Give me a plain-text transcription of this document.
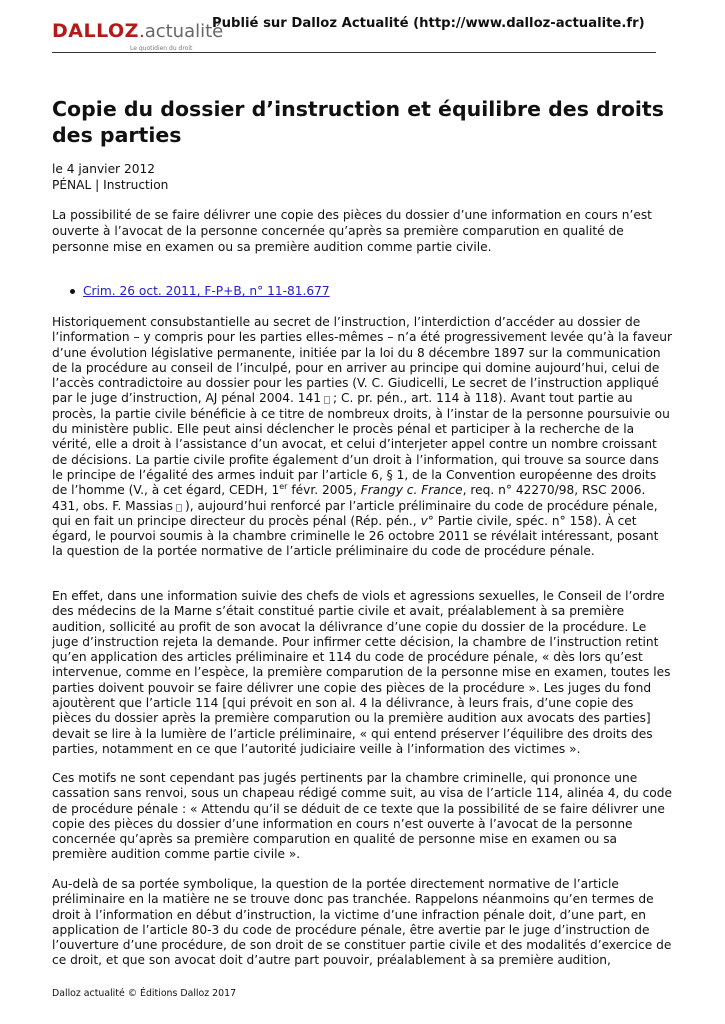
DALLOZ.actualité
Le quotidien du droit
Publié sur Dalloz Actualité (http://www.dalloz-actualite.fr)
Copie du dossier d’instruction et équilibre des droits des parties
le 4 janvier 2012
PÉNAL | Instruction

La possibilité de se faire délivrer une copie des pièces du dossier d’une information en cours n’est ouverte à l’avocat de la personne concernée qu’après sa première comparution en qualité de personne mise en examen ou sa première audition comme partie civile.

Crim. 26 oct. 2011, F-P+B, n° 11-81.677

Historiquement consubstantielle au secret de l’instruction, l’interdiction d’accéder au dossier de l’information – y compris pour les parties elles-mêmes – n’a été progressivement levée qu’à la faveur d’une évolution législative permanente, initiée par la loi du 8 décembre 1897 sur la communication de la procédure au conseil de l’inculpé, pour en arriver au principe qui domine aujourd’hui, celui de l’accès contradictoire au dossier pour les parties (V. C. Giudicelli, Le secret de l’instruction appliqué par le juge d’instruction, AJ pénal 2004. 141 ; C. pr. pén., art. 114 à 118). Avant tout partie au procès, la partie civile bénéficie à ce titre de nombreux droits, à l’instar de la personne poursuivie ou du ministère public. Elle peut ainsi déclencher le procès pénal et participer à la recherche de la vérité, elle a droit à l’assistance d’un avocat, et celui d’interjeter appel contre un nombre croissant de décisions. La partie civile profite également d’un droit à l’information, qui trouve sa source dans le principe de l’égalité des armes induit par l’article 6, § 1, de la Convention européenne des droits de l’homme (V., à cet égard, CEDH, 1er févr. 2005, Frangy c. France, req. n° 42270/98, RSC 2006. 431, obs. F. Massias ), aujourd’hui renforcé par l’article préliminaire du code de procédure pénale, qui en fait un principe directeur du procès pénal (Rép. pén., v° Partie civile, spéc. n° 158). À cet égard, le pourvoi soumis à la chambre criminelle le 26 octobre 2011 se révélait intéressant, posant la question de la portée normative de l’article préliminaire du code de procédure pénale.

En effet, dans une information suivie des chefs de viols et agressions sexuelles, le Conseil de l’ordre des médecins de la Marne s’était constitué partie civile et avait, préalablement à sa première audition, sollicité au profit de son avocat la délivrance d’une copie du dossier de la procédure. Le juge d’instruction rejeta la demande. Pour infirmer cette décision, la chambre de l’instruction retint qu’en application des articles préliminaire et 114 du code de procédure pénale, « dès lors qu’est intervenue, comme en l’espèce, la première comparution de la personne mise en examen, toutes les parties doivent pouvoir se faire délivrer une copie des pièces de la procédure ». Les juges du fond ajoutèrent que l’article 114 [qui prévoit en son al. 4 la délivrance, à leurs frais, d’une copie des pièces du dossier après la première comparution ou la première audition aux avocats des parties] devait se lire à la lumière de l’article préliminaire, « qui entend préserver l’équilibre des droits des parties, notamment en ce que l’autorité judiciaire veille à l’information des victimes ».

Ces motifs ne sont cependant pas jugés pertinents par la chambre criminelle, qui prononce une cassation sans renvoi, sous un chapeau rédigé comme suit, au visa de l’article 114, alinéa 4, du code de procédure pénale : « Attendu qu’il se déduit de ce texte que la possibilité de se faire délivrer une copie des pièces du dossier d’une information en cours n’est ouverte à l’avocat de la personne concernée qu’après sa première comparution en qualité de personne mise en examen ou sa première audition comme partie civile ».

Au-delà de sa portée symbolique, la question de la portée directement normative de l’article préliminaire en la matière ne se trouve donc pas tranchée. Rappelons néanmoins qu’en termes de droit à l’information en début d’instruction, la victime d’une infraction pénale doit, d’une part, en application de l’article 80-3 du code de procédure pénale, être avertie par le juge d’instruction de l’ouverture d’une procédure, de son droit de se constituer partie civile et des modalités d’exercice de ce droit, et que son avocat doit d’autre part pouvoir, préalablement à sa première audition,

Dalloz actualité © Éditions Dalloz 2017
